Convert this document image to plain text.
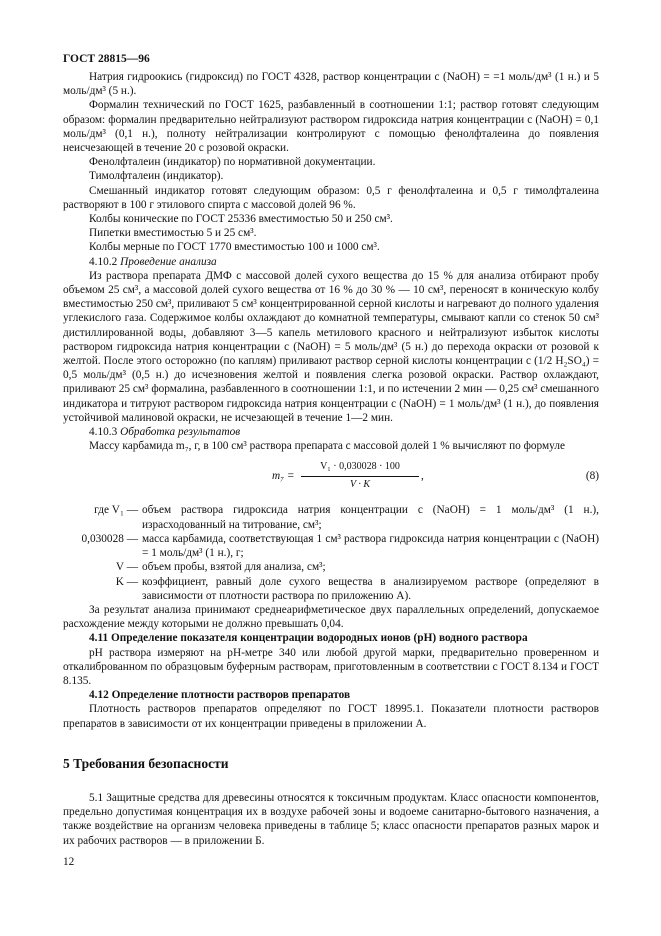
ГОСТ 28815—96

Натрия гидроокись (гидроксид) по ГОСТ 4328, раствор концентрации c (NaOH) = =1 моль/дм³ (1 н.) и 5 моль/дм³ (5 н.).

Формалин технический по ГОСТ 1625, разбавленный в соотношении 1:1; раствор готовят следующим образом: формалин предварительно нейтрализуют раствором гидроксида натрия концентрации c (NaOH) = 0,1 моль/дм³ (0,1 н.), полноту нейтрализации контролируют с помощью фенолфталеина до появления неисчезающей в течение 20 с розовой окраски.

Фенолфталеин (индикатор) по нормативной документации.

Тимолфталеин (индикатор).

Смешанный индикатор готовят следующим образом: 0,5 г фенолфталеина и 0,5 г тимолфталеина растворяют в 100 г этилового спирта с массовой долей 96 %.

Колбы конические по ГОСТ 25336 вместимостью 50 и 250 см³.

Пипетки вместимостью 5 и 25 см³.

Колбы мерные по ГОСТ 1770 вместимостью 100 и 1000 см³.

4.10.2 Проведение анализа

Из раствора препарата ДМФ с массовой долей сухого вещества до 15 % для анализа отбирают пробу объемом 25 см³, а массовой долей сухого вещества от 16 % до 30 % — 10 см³, переносят в коническую колбу вместимостью 250 см³, приливают 5 см³ концентрированной серной кислоты и нагревают до полного удаления углекислого газа. Содержимое колбы охлаждают до комнатной температуры, смывают капли со стенок 50 см³ дистиллированной воды, добавляют 3—5 капель метилового красного и нейтрализуют избыток кислоты раствором гидроксида натрия концентрации c (NaOH) = 5 моль/дм³ (5 н.) до перехода окраски от розовой к желтой. После этого осторожно (по каплям) приливают раствор серной кислоты концентрации c (1/2 H₂SO₄) = 0,5 моль/дм³ (0,5 н.) до исчезновения желтой и появления слегка розовой окраски. Раствор охлаждают, приливают 25 см³ формалина, разбавленного в соотношении 1:1, и по истечении 2 мин — 0,25 см³ смешанного индикатора и титруют раствором гидроксида натрия концентрации c (NaOH) = 1 моль/дм³ (1 н.), до появления устойчивой малиновой окраски, не исчезающей в течение 1—2 мин.

4.10.3 Обработка результатов

Массу карбамида m₇, г, в 100 см³ раствора препарата с массовой долей 1 % вычисляют по формуле

$m_7 = \frac{\text{V₁ · 0,030028 · 100}}{V \cdot K}$ ,	(8)
где V₁ —	объем раствора гидроксида натрия концентрации c (NaOH) = 1 моль/дм³ (1 н.), израсходованный на титрование, см³;
0,030028 —	масса карбамида, соответствующая 1 см³ раствора гидроксида натрия концентрации c (NaOH) = 1 моль/дм³ (1 н.), г;
V —	объем пробы, взятой для анализа, см³;
K —	коэффициент, равный доле сухого вещества в анализируемом растворе (определяют в зависимости от плотности раствора по приложению А).

За результат анализа принимают среднеарифметическое двух параллельных определений, допускаемое расхождение между которыми не должно превышать 0,04.

4.11 Определение показателя концентрации водородных ионов (pH) водного раствора

pH раствора измеряют на pH-метре 340 или любой другой марки, предварительно проверенном и откалиброванном по образцовым буферным растворам, приготовленным в соответствии с ГОСТ 8.134 и ГОСТ 8.135.

4.12 Определение плотности растворов препаратов

Плотность растворов препаратов определяют по ГОСТ 18995.1. Показатели плотности растворов препаратов в зависимости от их концентрации приведены в приложении А.

5 Требования безопасности

5.1 Защитные средства для древесины относятся к токсичным продуктам. Класс опасности компонентов, предельно допустимая концентрация их в воздухе рабочей зоны и водоеме санитарно-бытового назначения, а также воздействие на организм человека приведены в таблице 5; класс опасности препаратов разных марок и их рабочих растворов — в приложении Б.

12
